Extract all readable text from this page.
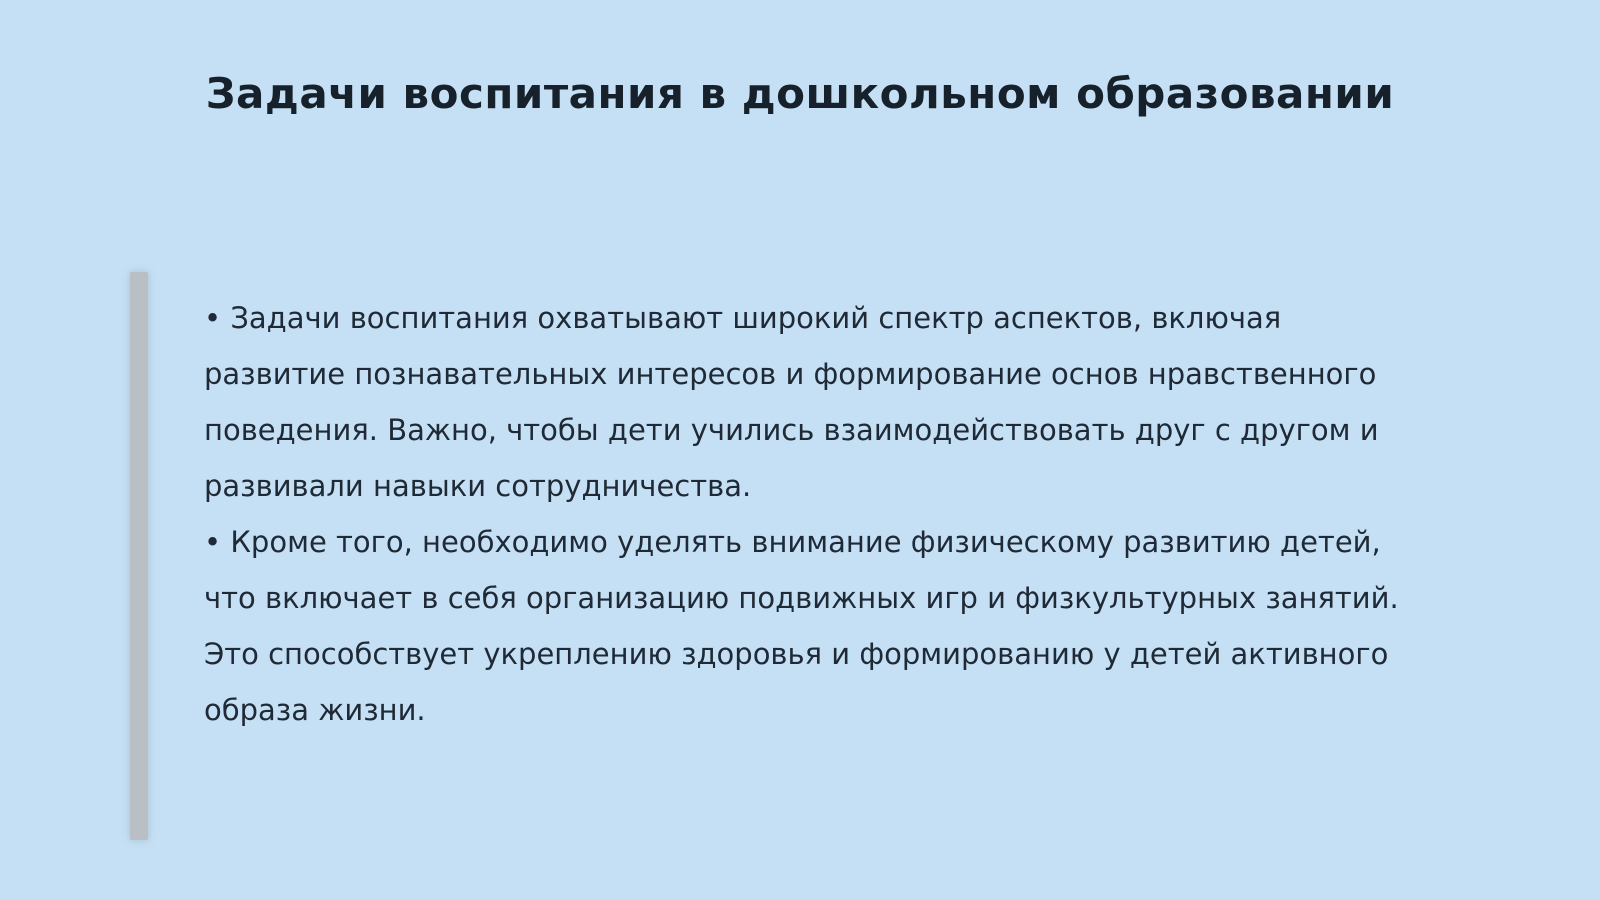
Задачи воспитания в дошкольном образовании

• Задачи воспитания охватывают широкий спектр аспектов, включая развитие познавательных интересов и формирование основ нравственного поведения. Важно, чтобы дети учились взаимодействовать друг с другом и развивали навыки сотрудничества.

• Кроме того, необходимо уделять внимание физическому развитию детей, что включает в себя организацию подвижных игр и физкультурных занятий. Это способствует укреплению здоровья и формированию у детей активного образа жизни.
